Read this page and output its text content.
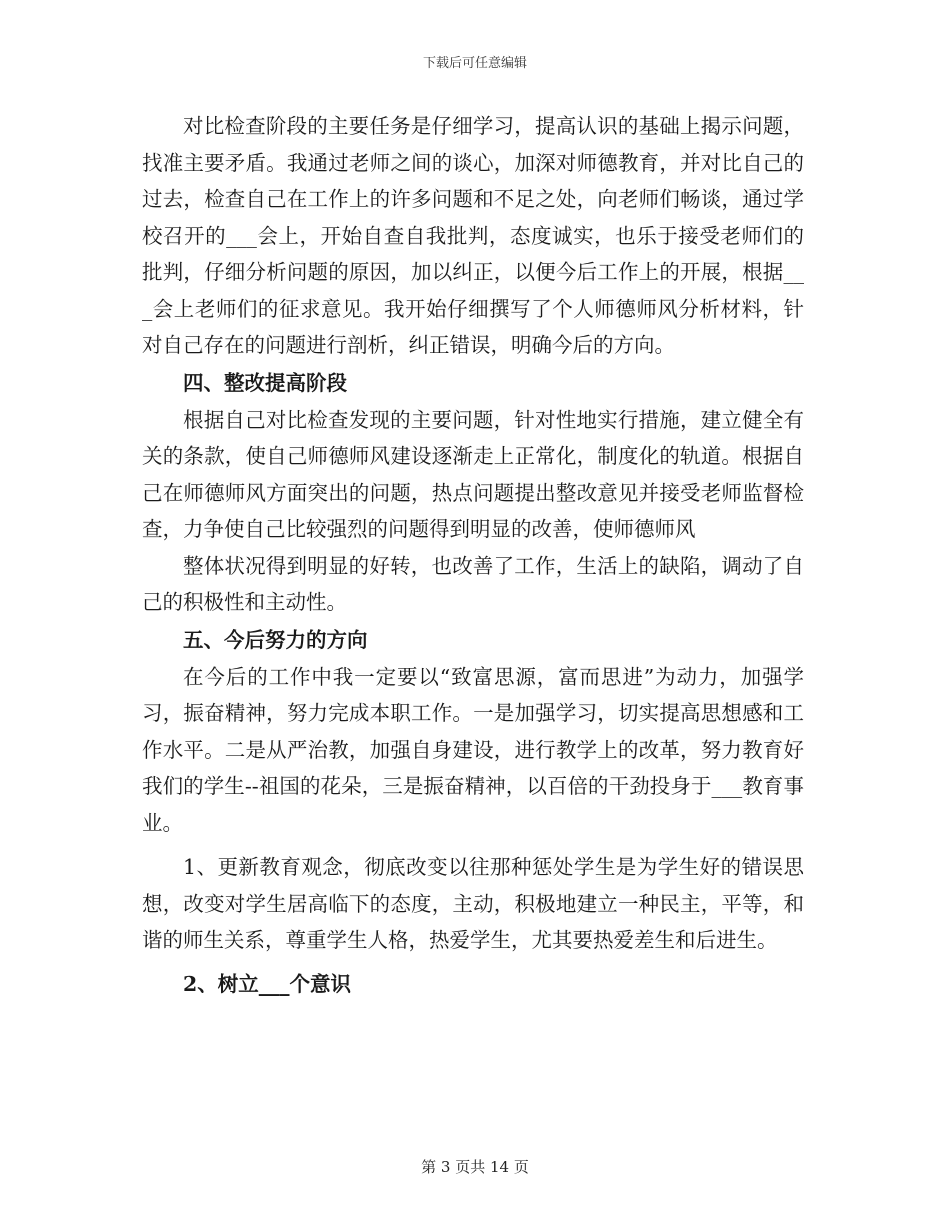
下载后可任意编辑

对比检查阶段的主要任务是仔细学习，提高认识的基础上揭示问题，找准主要矛盾。我通过老师之间的谈心，加深对师德教育，并对比自己的过去，检查自己在工作上的许多问题和不足之处，向老师们畅谈，通过学校召开的___会上，开始自查自我批判，态度诚实，也乐于接受老师们的批判，仔细分析问题的原因，加以纠正，以便今后工作上的开展，根据___会上老师们的征求意见。我开始仔细撰写了个人师德师风分析材料，针对自己存在的问题进行剖析，纠正错误，明确今后的方向。

四、整改提高阶段

根据自己对比检查发现的主要问题，针对性地实行措施，建立健全有关的条款，使自己师德师风建设逐渐走上正常化，制度化的轨道。根据自己在师德师风方面突出的问题，热点问题提出整改意见并接受老师监督检查，力争使自己比较强烈的问题得到明显的改善，使师德师风

整体状况得到明显的好转，也改善了工作，生活上的缺陷，调动了自己的积极性和主动性。

五、今后努力的方向

在今后的工作中我一定要以“致富思源，富而思进”为动力，加强学习，振奋精神，努力完成本职工作。一是加强学习，切实提高思想感和工作水平。二是从严治教，加强自身建设，进行教学上的改革，努力教育好我们的学生--祖国的花朵，三是振奋精神，以百倍的干劲投身于___教育事业。

1、更新教育观念，彻底改变以往那种惩处学生是为学生好的错误思想，改变对学生居高临下的态度，主动，积极地建立一种民主，平等，和谐的师生关系，尊重学生人格，热爱学生，尤其要热爱差生和后进生。

2、树立___个意识

第 3 页共 14 页
